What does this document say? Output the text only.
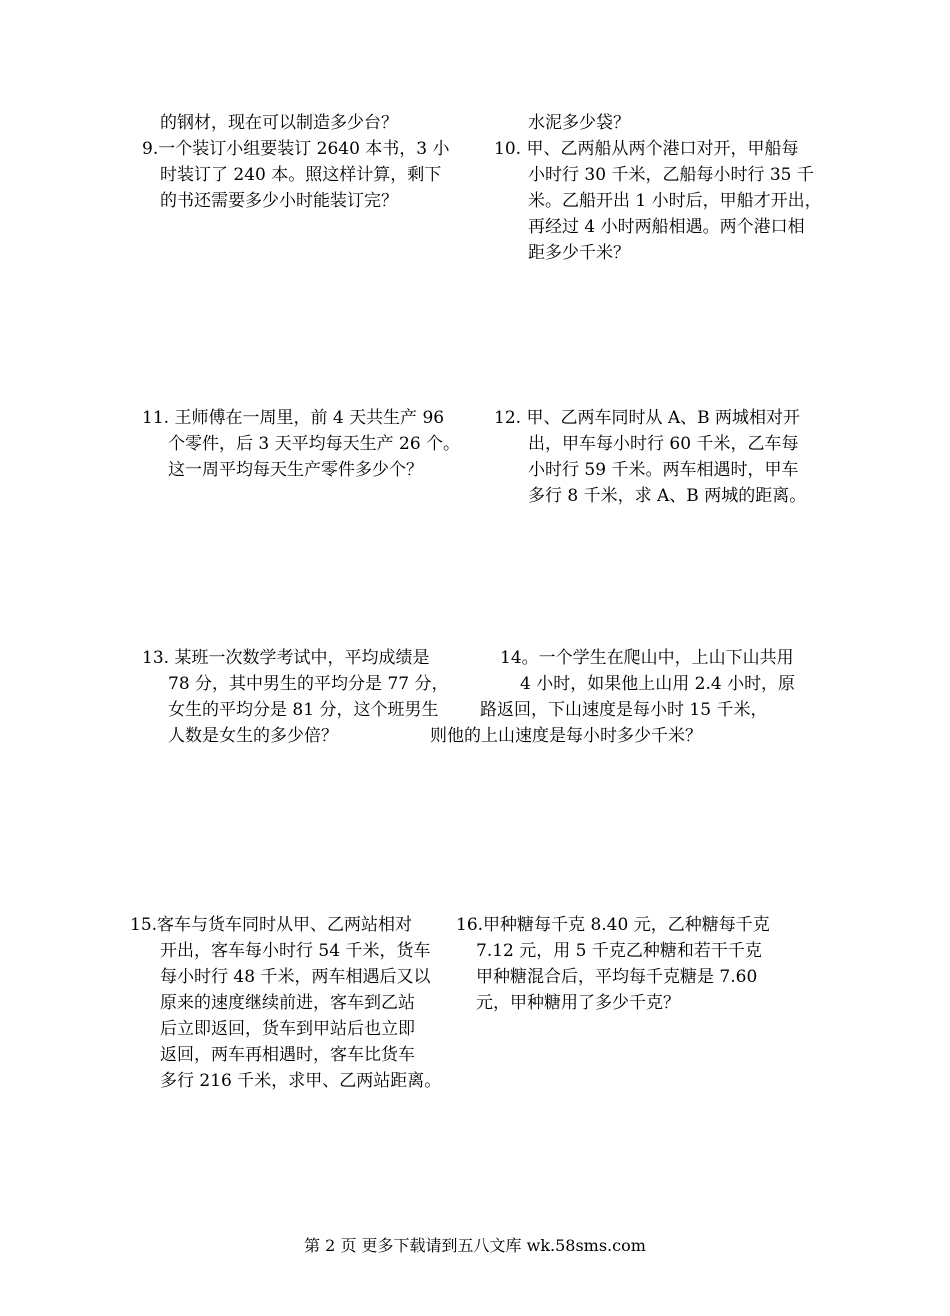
的钢材，现在可以制造多少台？	水泥多少袋？
9.一个装订小组要装订 2640 本书，3 小
时装订了 240 本。照这样计算，剩下
的书还需要多少小时能装订完？
10. 甲、乙两船从两个港口对开，甲船每
小时行 30 千米，乙船每小时行 35 千
米。乙船开出 1 小时后，甲船才开出，
再经过 4 小时两船相遇。两个港口相
距多少千米？
11. 王师傅在一周里，前 4 天共生产 96
个零件，后 3 天平均每天生产 26 个。
这一周平均每天生产零件多少个？
12. 甲、乙两车同时从 A、B 两城相对开
出，甲车每小时行 60 千米，乙车每
小时行 59 千米。两车相遇时，甲车
多行 8 千米，求 A、B 两城的距离。
13. 某班一次数学考试中，平均成绩是
78 分，其中男生的平均分是 77 分，
女生的平均分是 81 分，这个班男生
人数是女生的多少倍？
14。一个学生在爬山中，上山下山共用
4 小时，如果他上山用 2.4 小时，原
路返回，下山速度是每小时 15 千米，
则他的上山速度是每小时多少千米？
15.客车与货车同时从甲、乙两站相对
开出，客车每小时行 54 千米，货车
每小时行 48 千米，两车相遇后又以
原来的速度继续前进，客车到乙站
后立即返回，货车到甲站后也立即
返回，两车再相遇时，客车比货车
多行 216 千米，求甲、乙两站距离。
16.甲种糖每千克 8.40 元，乙种糖每千克
7.12 元，用 5 千克乙种糖和若干千克
甲种糖混合后，平均每千克糖是 7.60
元，甲种糖用了多少千克？
第 2 页 更多下载请到五八文库 wk.58sms.com
